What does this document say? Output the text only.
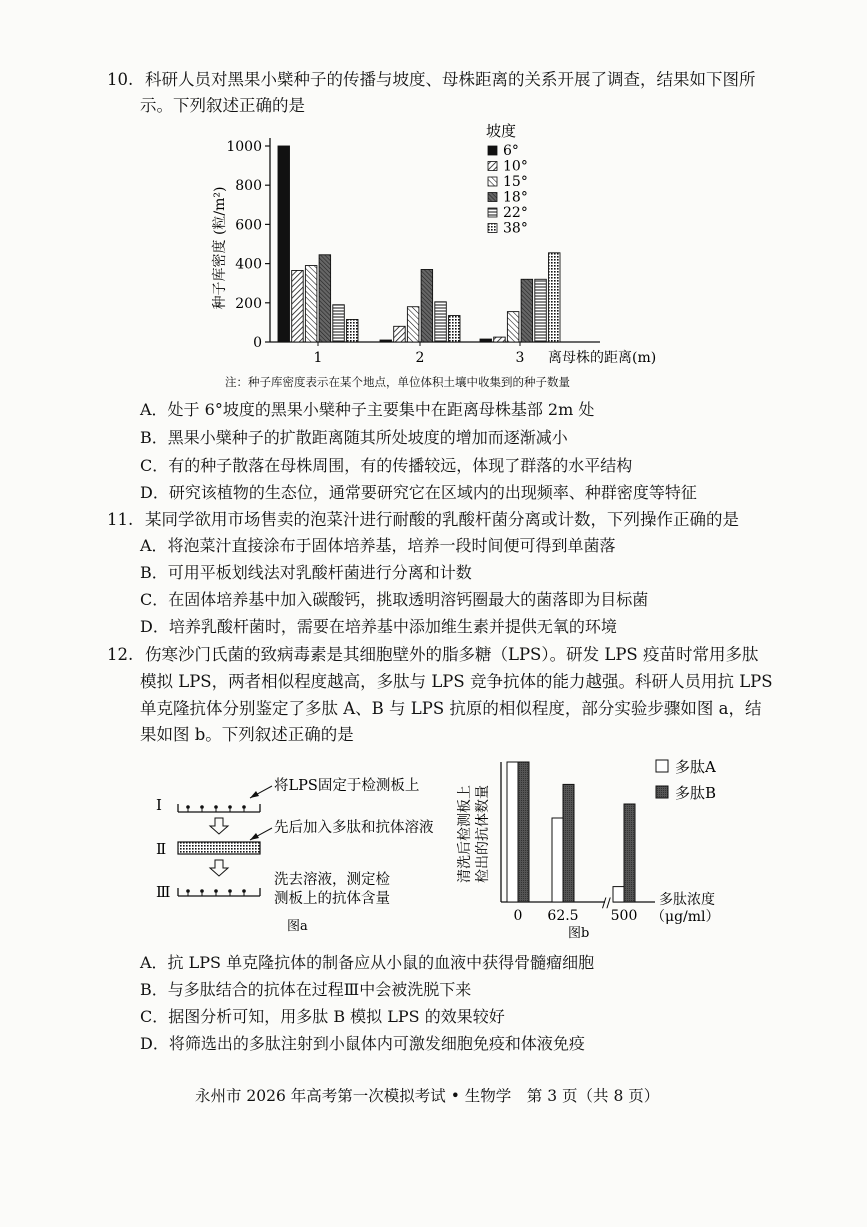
10. 科研人员对黑果小檗种子的传播与坡度、母株距离的关系开展了调查，结果如下图所
示。下列叙述正确的是
种子库密度 (粒/m²)
0
200
400
600
800
1000
1	2	3 离母株的距离(m)
坡度
6°
10°
15°
18°
22°
38°
注：种子库密度表示在某个地点，单位体积土壤中收集到的种子数量
A．处于 6°坡度的黑果小檗种子主要集中在距离母株基部 2m 处
B．黑果小檗种子的扩散距离随其所处坡度的增加而逐渐减小
C．有的种子散落在母株周围，有的传播较远，体现了群落的水平结构
D．研究该植物的生态位，通常要研究它在区域内的出现频率、种群密度等特征
11. 某同学欲用市场售卖的泡菜汁进行耐酸的乳酸杆菌分离或计数，下列操作正确的是
A．将泡菜汁直接涂布于固体培养基，培养一段时间便可得到单菌落
B．可用平板划线法对乳酸杆菌进行分离和计数
C．在固体培养基中加入碳酸钙，挑取透明溶钙圈最大的菌落即为目标菌
D．培养乳酸杆菌时，需要在培养基中添加维生素并提供无氧的环境
12. 伤寒沙门氏菌的致病毒素是其细胞壁外的脂多糖（LPS）。研发 LPS 疫苗时常用多肽
模拟 LPS，两者相似程度越高，多肽与 LPS 竞争抗体的能力越强。科研人员用抗 LPS
单克隆抗体分别鉴定了多肽 A、B 与 LPS 抗原的相似程度，部分实验步骤如图 a，结
果如图 b。下列叙述正确的是
Ⅰ
将LPS固定于检测板上
Ⅱ
先后加入多肽和抗体溶液
Ⅲ
洗去溶液，测定检
测板上的抗体含量
图a
清洗后检测板上 检出的抗体数量
//
0 62.5 500
多肽浓度
（μg/ml）
图b
多肽A
多肽B
A．抗 LPS 单克隆抗体的制备应从小鼠的血液中获得骨髓瘤细胞
B．与多肽结合的抗体在过程Ⅲ中会被洗脱下来
C．据图分析可知，用多肽 B 模拟 LPS 的效果较好
D．将筛选出的多肽注射到小鼠体内可激发细胞免疫和体液免疫
永州市 2026 年高考第一次模拟考试 • 生物学　第 3 页（共 8 页）
